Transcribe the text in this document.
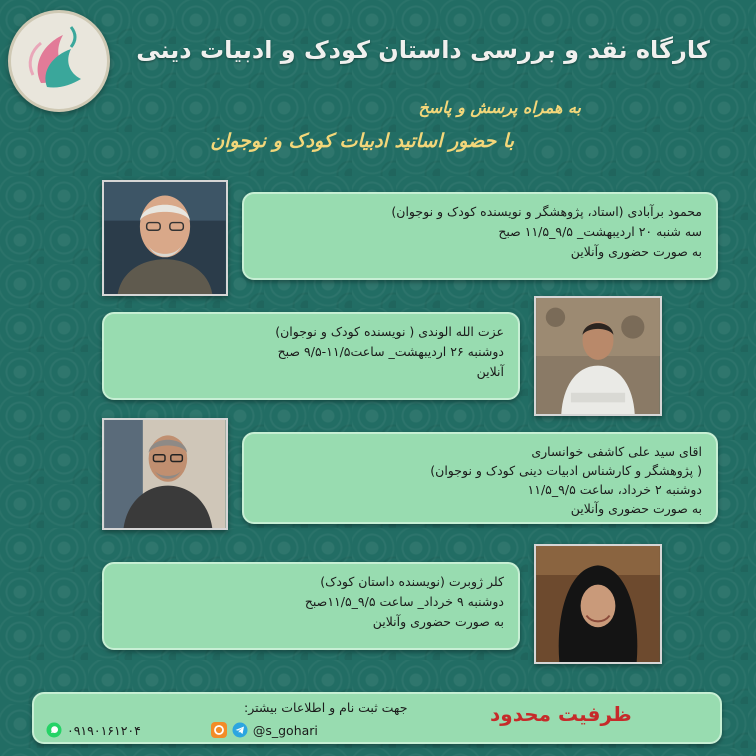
کارگاه نقد و بررسی داستان کودک و ادبیات دینی
به همراه پرسش و پاسخ
با حضور اساتید ادبیات کودک و نوجوان
محمود برآبادی (استاد، پژوهشگر و نویسنده کودک و نوجوان)
سه شنبه ۲۰ اردیبهشت_ ۹/۵_۱۱/۵ صبح
به صورت حضوری وآنلاین
عزت الله الوندی ( نویسنده کودک و نوجوان)
دوشنبه ۲۶ اردیبهشت_ ساعت۱۱/۵-۹/۵ صبح
آنلاین
اقای سید علی کاشفی خوانساری
( پژوهشگر و کارشناس ادبیات دینی کودک و نوجوان)
دوشنبه ۲ خرداد، ساعت ۹/۵_۱۱/۵
به صورت حضوری وآنلاین
کلر ژوبرت (نویسنده داستان کودک)
دوشنبه ۹ خرداد_ ساعت ۹/۵_۱۱/۵صبح
به صورت حضوری وآنلاین
ظرفیت محدود
جهت ثبت نام و اطلاعات بیشتر:
۰۹۱۹۰۱۶۱۲۰۴	@s_gohari
